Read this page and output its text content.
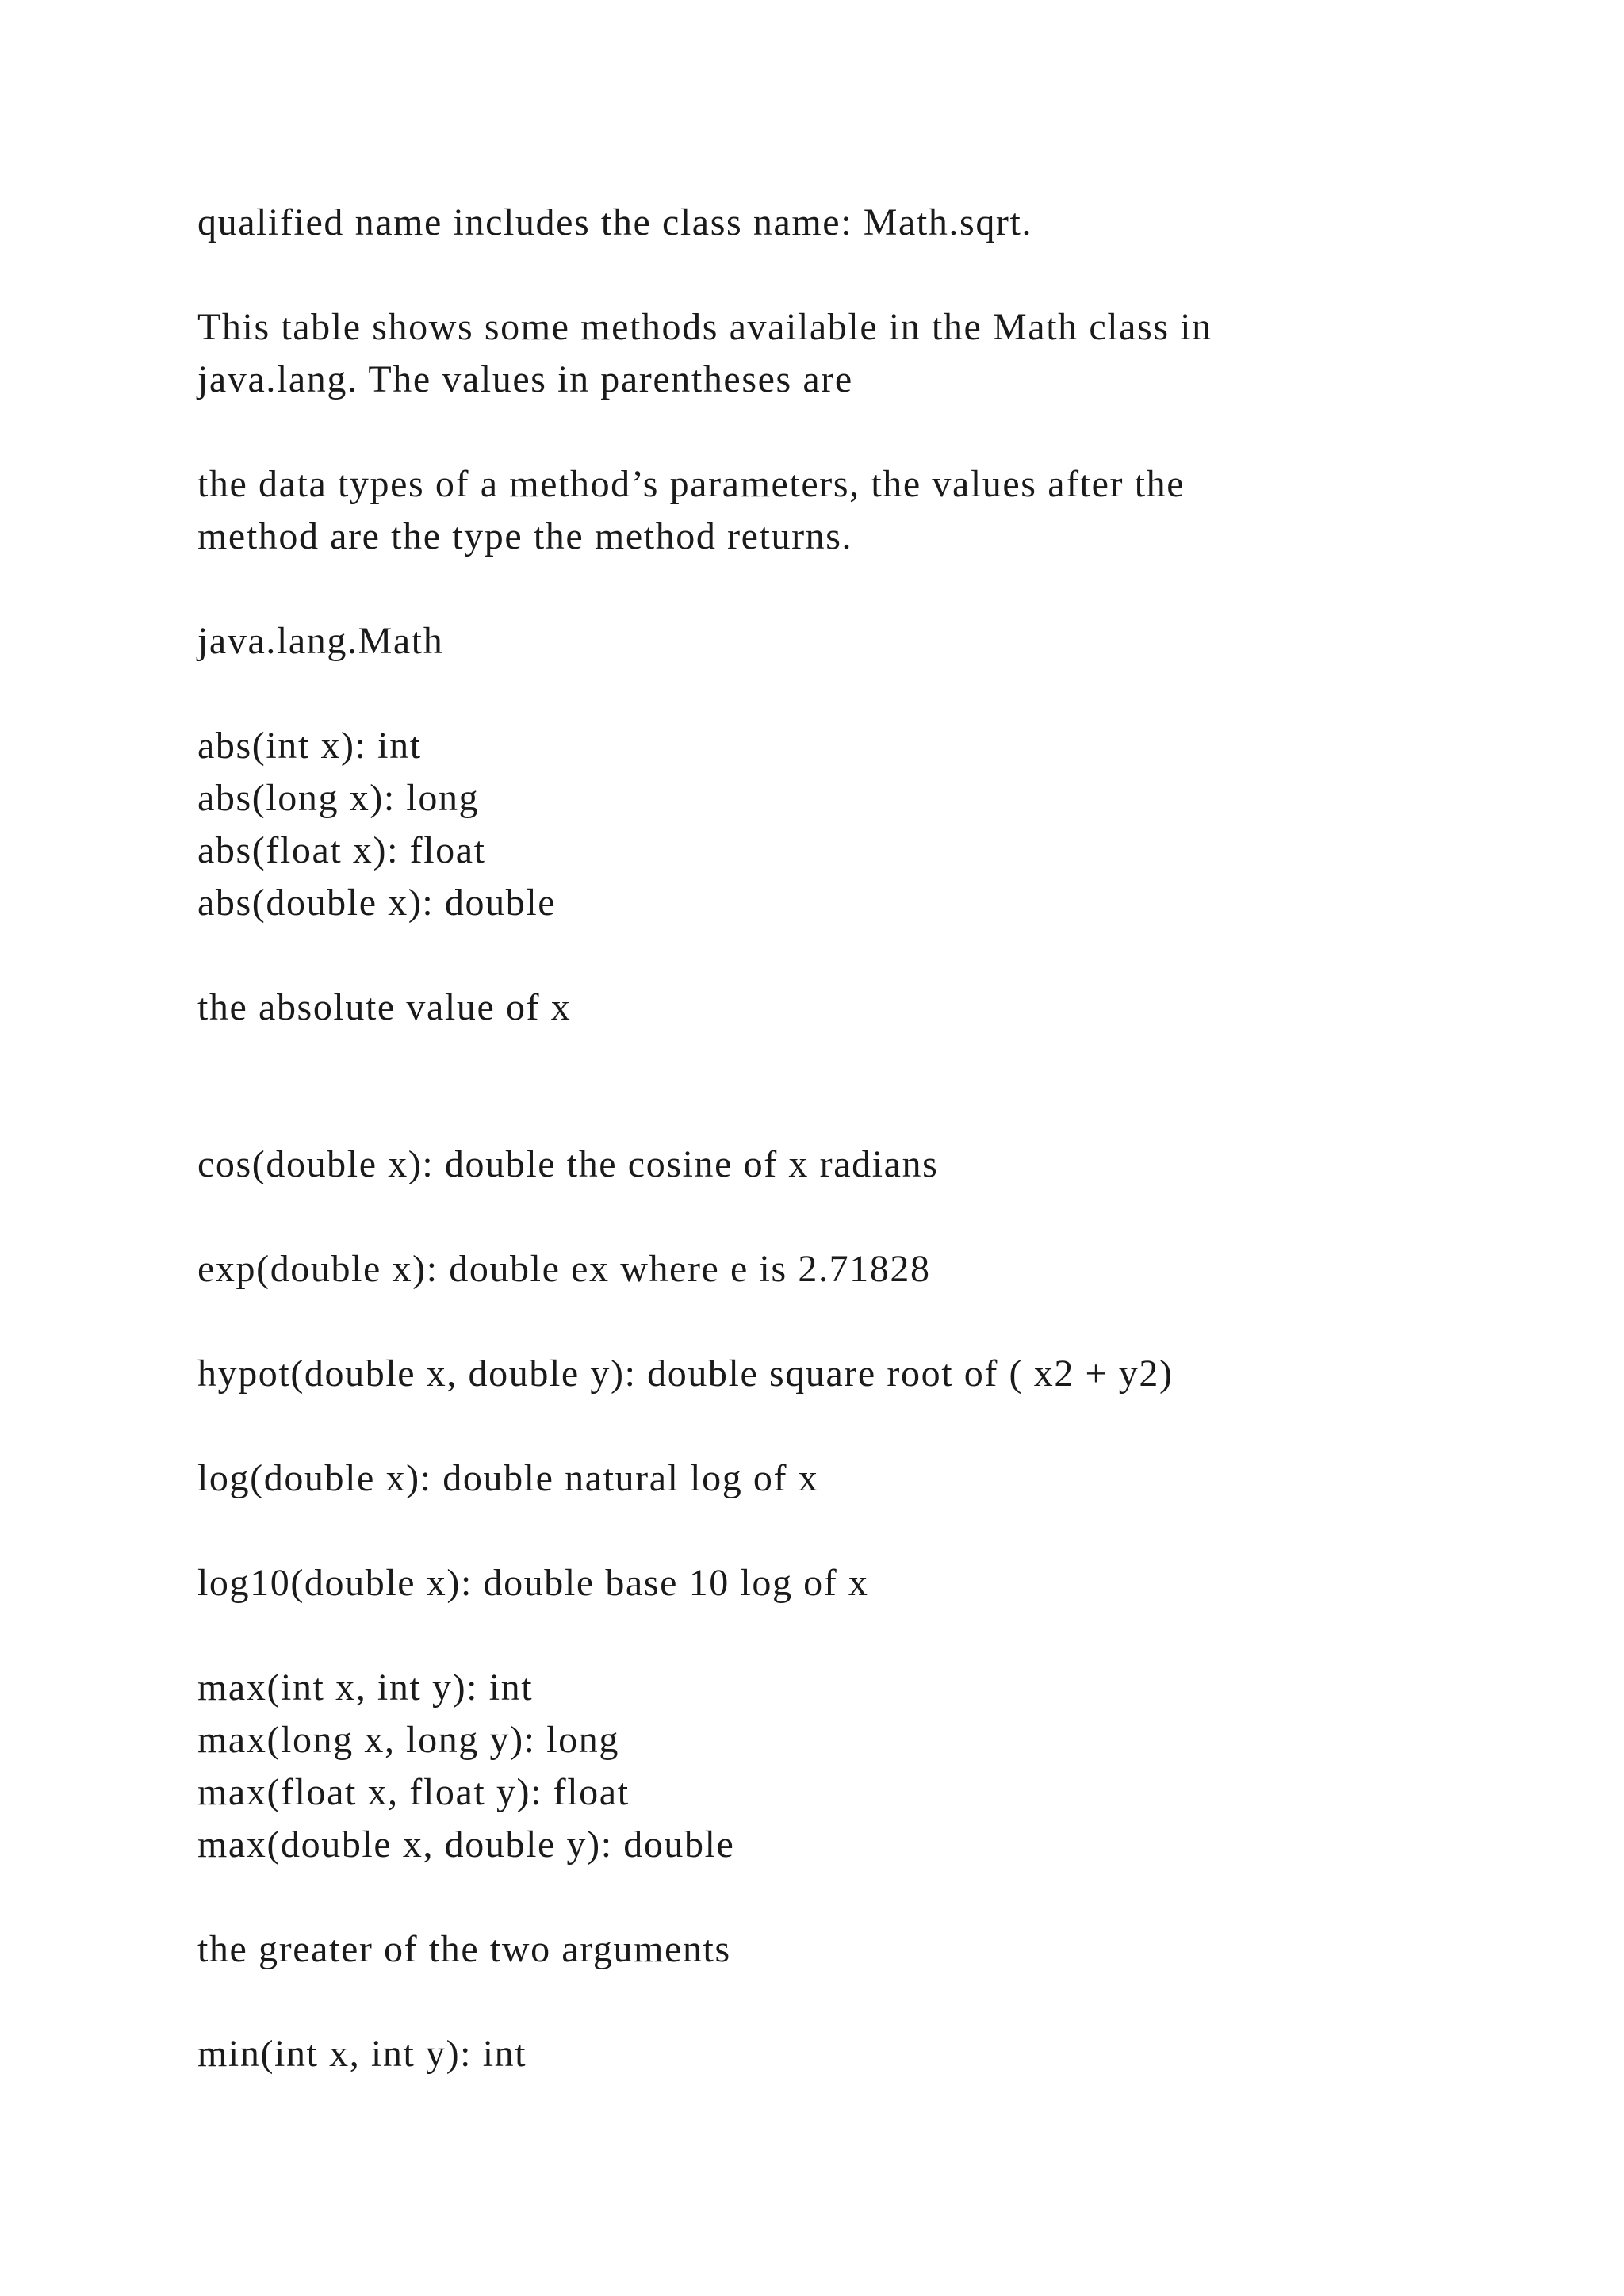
qualified name includes the class name: Math.sqrt.
This table shows some methods available in the Math class in
java.lang. The values in parentheses are
the data types of a method’s parameters, the values after the
method are the type the method returns.
java.lang.Math
abs(int x): int
abs(long x): long
abs(float x): float
abs(double x): double
the absolute value of x
cos(double x): double the cosine of x radians
exp(double x): double ex where e is 2.71828
hypot(double x, double y): double square root of ( x2 + y2)
log(double x): double natural log of x
log10(double x): double base 10 log of x
max(int x, int y): int
max(long x, long y): long
max(float x, float y): float
max(double x, double y): double
the greater of the two arguments
min(int x, int y): int
